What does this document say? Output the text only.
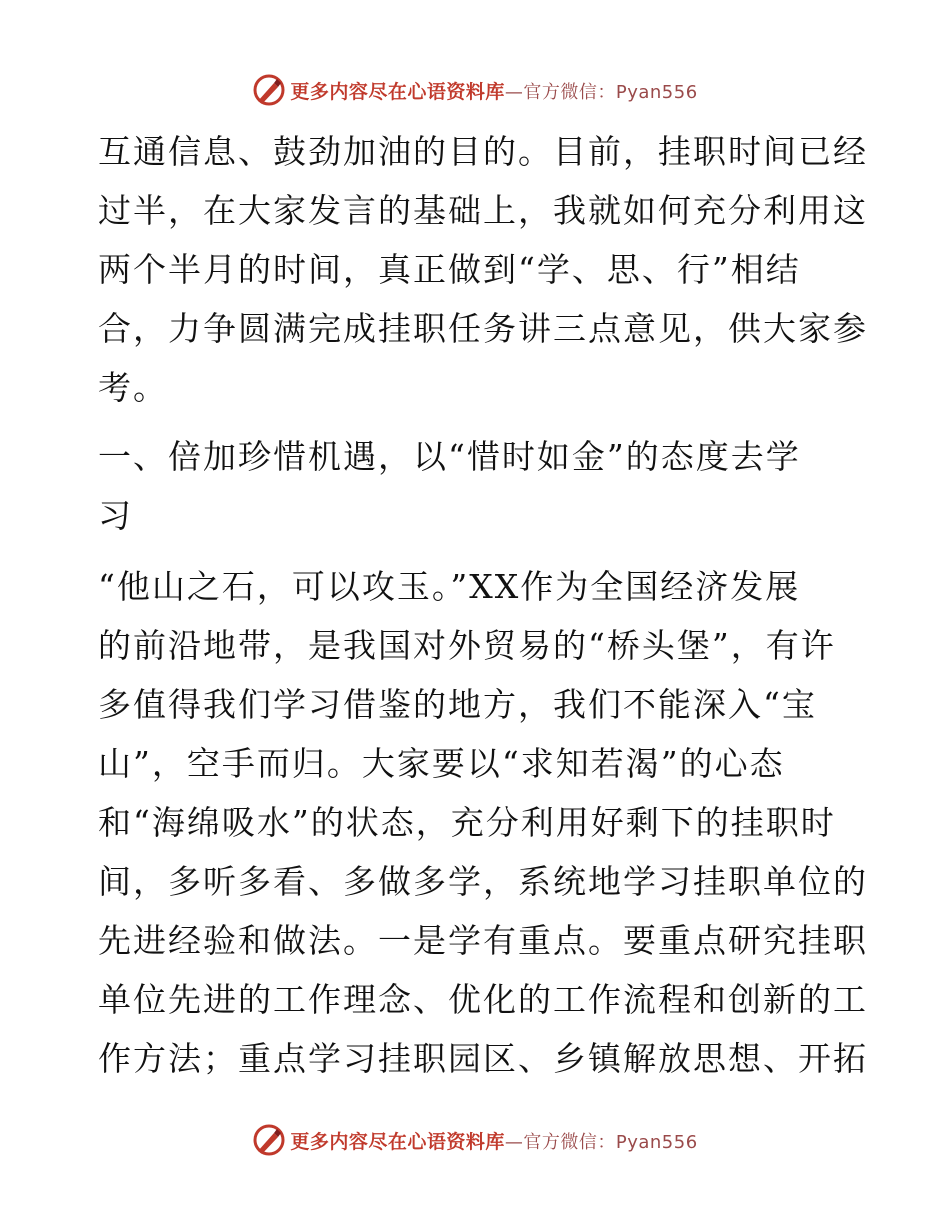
更多内容尽在心语资料库—官方微信：Pyan556
互通信息、鼓劲加油的目的。目前，挂职时间已经
过半，在大家发言的基础上，我就如何充分利用这
两个半月的时间，真正做到“学、思、行”相结
合，力争圆满完成挂职任务讲三点意见，供大家参
考。
一、倍加珍惜机遇，以“惜时如金”的态度去学
习
“他山之石，可以攻玉。”XX作为全国经济发展
的前沿地带，是我国对外贸易的“桥头堡”，有许
多值得我们学习借鉴的地方，我们不能深入“宝
山”，空手而归。大家要以“求知若渴”的心态
和“海绵吸水”的状态，充分利用好剩下的挂职时
间，多听多看、多做多学，系统地学习挂职单位的
先进经验和做法。一是学有重点。要重点研究挂职
单位先进的工作理念、优化的工作流程和创新的工
作方法；重点学习挂职园区、乡镇解放思想、开拓
更多内容尽在心语资料库—官方微信：Pyan556
